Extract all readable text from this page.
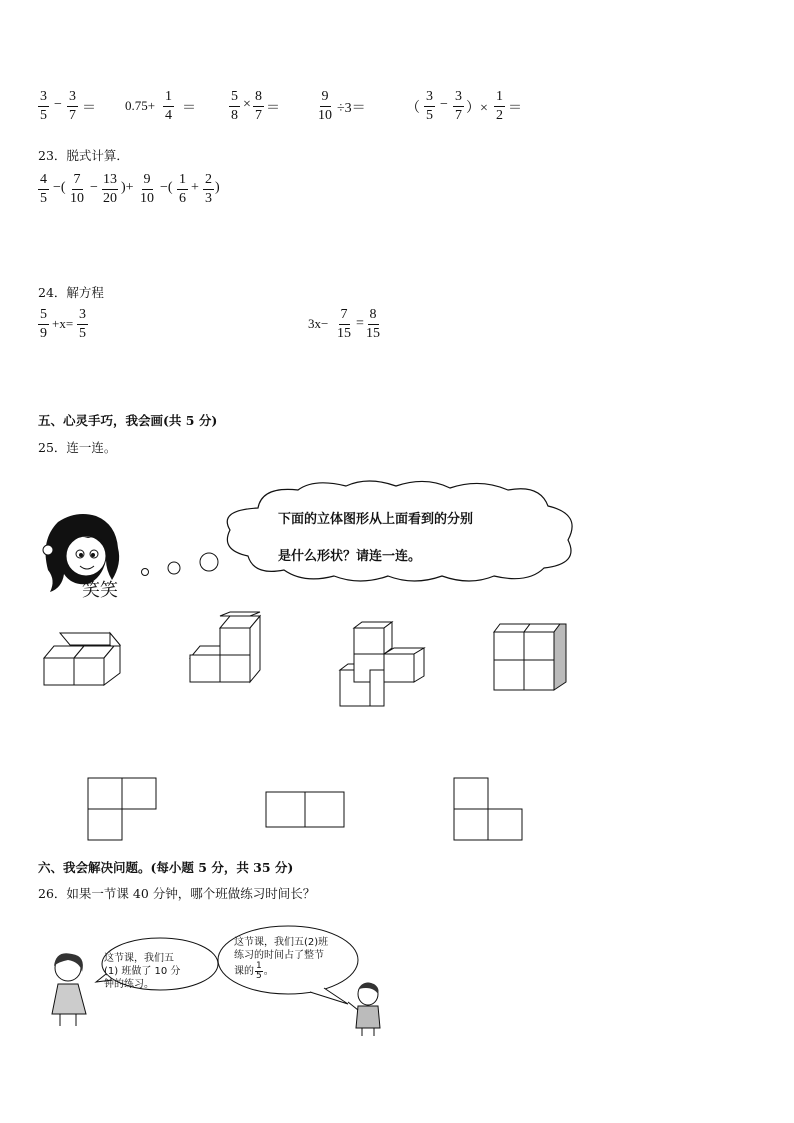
$\frac{3}{5} - \frac{3}{7} = 0.75+ \frac{1}{4} = \frac{5}{8} \times \frac{8}{7}$ ＝	$\frac{9}{10} \div 3=$	（ $\frac{3}{5} - \frac{3}{7}$ ）× $\frac{1}{2}$ ＝
23．脱式计算．
$\frac{4}{5}$ −( $\frac{7}{10} - \frac{13}{20}$ )+ $\frac{9}{10}$ −( $\frac{1}{6} + \frac{2}{3}$ )
24．解方程
$\frac{5}{9} +x= \frac{3}{5}$	$3x- \frac{7}{15} = \frac{8}{15}$
五、心灵手巧，我会画(共 5 分)
25．连一连。
笑笑
下面的立体图形从上面看到的分别
是什么形状？请连一连。
六、我会解决问题。(每小题 5 分，共 35 分)
26．如果一节课 40 分钟，哪个班做练习时间长？
这节课，我们五
(1) 班做了 10 分
钟的练习。
这节课，我们五(2)班
练习的时间占了整节
课的 $\frac{1}{5}$ 。
